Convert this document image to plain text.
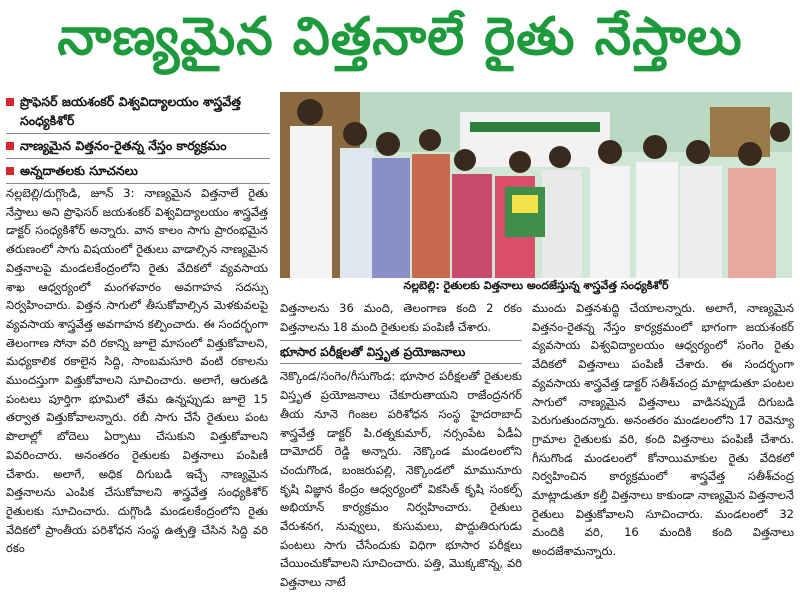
నాణ్యమైన విత్తనాలే రైతు నేస్తాలు
ప్రొఫెసర్ జయశంకర్ విశ్వవిద్యాలయం శాస్త్రవేత్త సంధ్యకిశోర్
నాణ్యమైన విత్తనం-రైతన్న నేస్తం కార్యక్రమం
అన్నదాతలకు సూచనలు

నల్లబెల్లి/దుగ్గొండి, జూన్ 3: నాణ్యమైన విత్తనాలే రైతు నేస్తాలు అని ప్రొఫెసర్ జయశంకర్ విశ్వవిద్యాలయం శాస్త్రవేత్త డాక్టర్ సంధ్యకిశోర్ అన్నారు. వాన కాలం సాగు ప్రారంభమైన తరుణంలో సాగు విషయంలో రైతులు వాడాల్సిన నాణ్యమైన విత్తనాలపై మండలకేంద్రంలోని రైతు వేదికలో వ్యవసాయ శాఖ ఆధ్వర్యంలో మంగళవారం అవగాహన సదస్సు నిర్వహించారు. విత్తన సాగులో తీసుకోవాల్సిన మెళకువలపై వ్యవసాయ శాస్త్రవేత్త అవగాహన కల్పించారు. ఈ సందర్భంగా తెలంగాణ సోనా వరి రకాన్ని జూలై మాసంలో విత్తుకోవాలని, మధ్యకాలిక రకాలైన సిద్ది, సాంబమసూరి వంటి రకాలను ముందస్తుగా విత్తుకోవాలని సూచించారు. అలాగే, ఆరుతడి పంటలు పూర్తిగా భూమిలో తేమ ఉన్నప్పుడు జూలై 15 తర్వాత విత్తుకోవాలన్నారు. రబీ సాగు చేసే రైతులు పంట పొలాల్లో బోదెలు ఏర్పాటు చేసుకుని విత్తుకోవాలని వివరించారు. అనంతరం రైతులకు విత్తనాలు పంపిణీ చేశారు. అలాగే, అధిక దిగుబడి ఇచ్చే నాణ్యమైన విత్తనాలను ఎంపిక చేసుకోవాలని శాస్త్రవేత్త సంధ్యకిశోర్ రైతులకు సూచించారు. దుగ్గొండి మండలకేంద్రంలోని రైతు వేదికలో ప్రాంతీయ పరిశోధన సంస్థ ఉత్పత్తి చేసిన సిద్ది వరి రకం

నల్లబెల్లి: రైతులకు విత్తనాలు అందజేస్తున్న శాస్త్రవేత్త సంధ్యకిశోర్

విత్తనాలను 36 మంది, తెలంగాణ కంది 2 రకం విత్తనాలను 18 మంది రైతులకు పంపిణీ చేశారు.

భూసార పరీక్షలతో విస్తృత ప్రయోజనాలు

నెక్కొండ/సంగెం/గీసుగొండ: భూసార పరీక్షలతో రైతులకు విస్తృత ప్రయోజనాలు చేకూరుతాయని రాజేంద్రనగర్ తీయ నూనె గింజల పరిశోధన సంస్థ హైదరాబాద్ శాస్త్రవేత్త డాక్టర్ పి.రత్నకుమార్, నర్సంపేట ఏడీఏ దామోదర్ రెడ్డి అన్నారు. నెక్కొండ మండలంలోని చందుగొండ, బంజరుపల్లి, నెక్కొండలో మామునూరు కృషి విజ్ఞాన కేంద్రం ఆధ్వర్యంలో వికసిత్ కృషి సంకల్ప్ అభియాన్ కార్యక్రమం నిర్వహించారు. రైతులు వేరుశనగ, నువ్వులు, కుసుమలు, పొద్దుతిరుగుడు పంటలు సాగు చేసేందుకు విధిగా భూసార పరీక్షలు చేయించుకోవాలని సూచించారు. పత్తి, మొక్కజొన్న, వరి విత్తనాలు నాటే

ముందు విత్తనశుద్ధి చేయాలన్నారు. అలాగే, నాణ్యమైన విత్తనం-రైతన్న నేస్తం కార్యక్రమంలో భాగంగా జయశంకర్ వ్యవసాయ విశ్వవిద్యాలయం ఆధ్వర్యంలో సంగెం రైతు వేదికలో విత్తనాలు పంపిణీ చేశారు. ఈ సందర్భంగా వ్యవసాయ శాస్త్రవేత్త డాక్టర్ సతీశ్‌చంద్ర మాట్లాడుతూ పంటల సాగులో నాణ్యమైన విత్తనాలు వాడినప్పుడే దిగుబడి పెరుగుతుందన్నారు. అనంతరం మండలంలోని 17 రెవెన్యూ గ్రామాల రైతులకు వరి, కంది విత్తనాలు పంపిణీ చేశారు. గీసుగొండ మండలంలో కోనాయిమాకుల రైతు వేదికలో నిర్వహించిన కార్యక్రమంలో శాస్త్రవేత్త సతీశ్‌చంద్ర మాట్లాడుతూ కల్తీ విత్తనాలు కాకుండా నాణ్యమైన విత్తనాలనే రైతులు విత్తుకోవాలని సూచించారు. మండలంలో 32 మందికి వరి, 16 మందికి కంది విత్తనాలు అందజేశామన్నారు.
